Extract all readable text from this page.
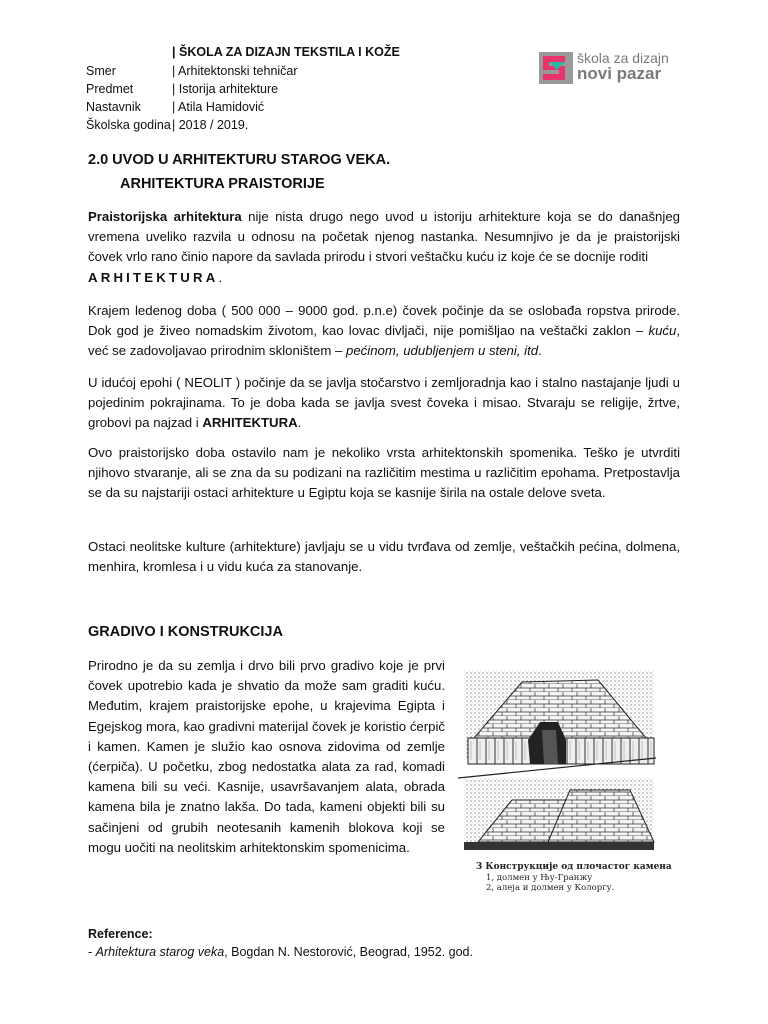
| ŠKOLA ZA DIZAJN TEKSTILA I KOŽE
Smer	| Arhitektonski tehničar
Predmet	| Istorija arhitekture
Nastavnik | Atila Hamidović
Školska godina | 2018 / 2019.
škola za dizajn
novi pazar
2.0 UVOD U ARHITEKTURU STAROG VEKA.
ARHITEKTURA PRAISTORIJE

Praistorijska arhitektura nije nista drugo nego uvod u istoriju arhitekture koja se do današnjeg vremena uveliko razvila u odnosu na početak njenog nastanka. Nesumnjivo je da je praistorijski čovek vrlo rano činio napore da savlada prirodu i stvori veštačku kuću iz koje će se docnije roditi
ARHITEKTURA.

Krajem ledenog doba ( 500 000 – 9000 god. p.n.e) čovek počinje da se oslobađa ropstva prirode. Dok god je živeo nomadskim životom, kao lovac divljači, nije pomišljao na veštački zaklon – kuću, već se zadovoljavao prirodnim skloništem – pećinom, udubljenjem u steni, itd.

U idućoj epohi ( NEOLIT ) počinje da se javlja stočarstvo i zemljoradnja kao i stalno nastajanje ljudi u pojedinim pokrajinama. To je doba kada se javlja svest čoveka i misao. Stvaraju se religije, žrtve, grobovi pa najzad i ARHITEKTURA.

Ovo praistorijsko doba ostavilo nam je nekoliko vrsta arhitektonskih spomenika. Teško je utvrditi njihovo stvaranje, ali se zna da su podizani na različitim mestima u različitim epohama. Pretpostavlja se da su najstariji ostaci arhitekture u Egiptu koja se kasnije širila na ostale delove sveta.

Ostaci neolitske kulture (arhitekture) javljaju se u vidu tvrđava od zemlje, veštačkih pećina, dolmena, menhira, kromlesa i u vidu kuća za stanovanje.

GRADIVO I KONSTRUKCIJA

Prirodno je da su zemlja i drvo bili prvo gradivo koje je prvi čovek upotrebio kada je shvatio da može sam graditi kuću. Međutim, krajem praistorijske epohe, u krajevima Egipta i Egejskog mora, kao gradivni materijal čovek je koristio ćerpič i kamen. Kamen je služio kao osnova zidovima od zemlje (ćerpiča). U početku, zbog nedostatka alata za rad, komadi kamena bili su veći. Kasnije, usavršavanjem alata, obrada kamena bila je znatno lakša. Do tada, kameni objekti bili su sačinjeni od grubih neotesanih kamenih blokova koji se mogu uočiti na neolitskim arhitektonskim spomenicima.

3 Конструкције од плочастог камена
1, долмен у Њу-Гранжу
2, алеја и долмен у Колоргу.
Reference:
- Arhitektura starog veka, Bogdan N. Nestorović, Beograd, 1952. god.
